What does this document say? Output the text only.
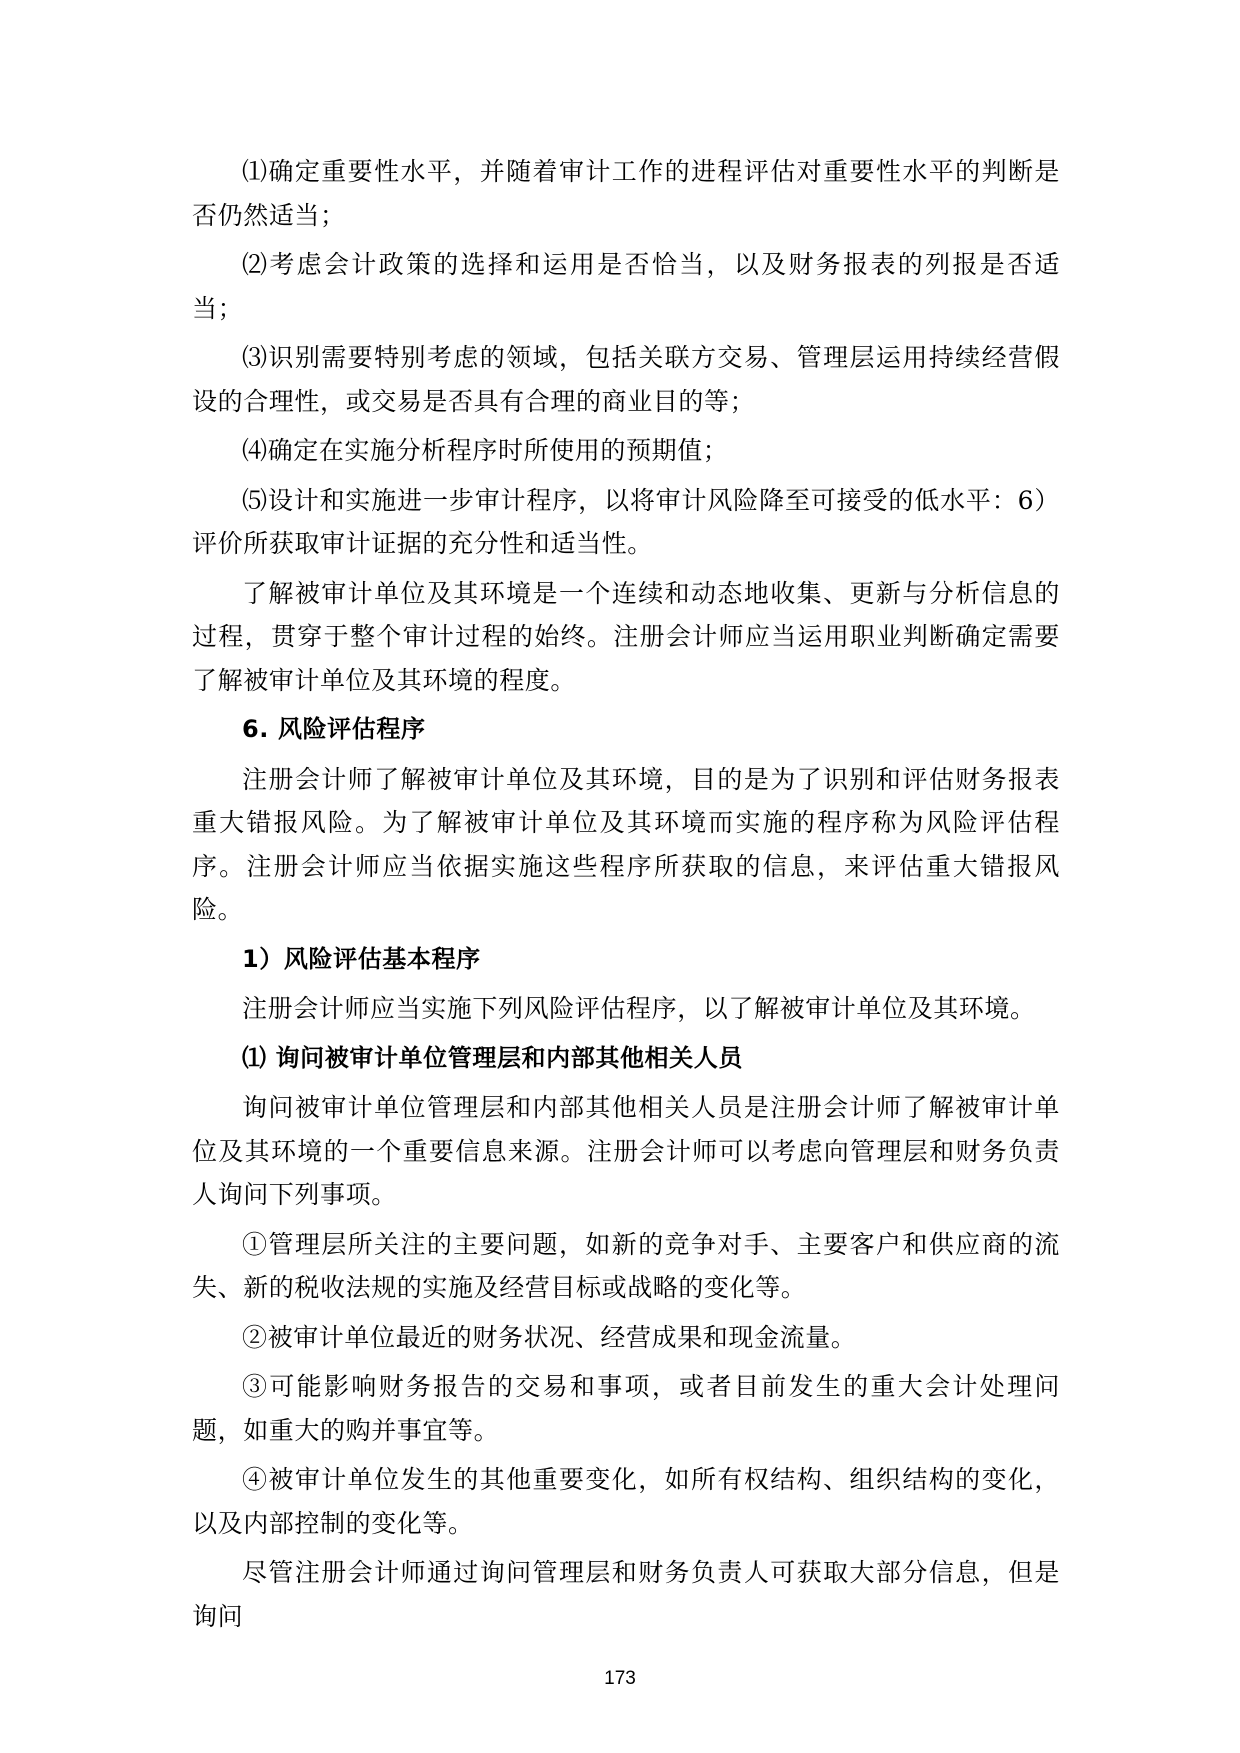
⑴确定重要性水平，并随着审计工作的进程评估对重要性水平的判断是否仍然适当；

⑵考虑会计政策的选择和运用是否恰当，以及财务报表的列报是否适当；

⑶识别需要特别考虑的领域，包括关联方交易、管理层运用持续经营假设的合理性，或交易是否具有合理的商业目的等；

⑷确定在实施分析程序时所使用的预期值；

⑸设计和实施进一步审计程序，以将审计风险降至可接受的低水平：6）评价所获取审计证据的充分性和适当性。

了解被审计单位及其环境是一个连续和动态地收集、更新与分析信息的过程，贯穿于整个审计过程的始终。注册会计师应当运用职业判断确定需要了解被审计单位及其环境的程度。

6. 风险评估程序

注册会计师了解被审计单位及其环境，目的是为了识别和评估财务报表重大错报风险。为了解被审计单位及其环境而实施的程序称为风险评估程序。注册会计师应当依据实施这些程序所获取的信息，来评估重大错报风险。

1）风险评估基本程序

注册会计师应当实施下列风险评估程序，以了解被审计单位及其环境。

⑴ 询问被审计单位管理层和内部其他相关人员

询问被审计单位管理层和内部其他相关人员是注册会计师了解被审计单位及其环境的一个重要信息来源。注册会计师可以考虑向管理层和财务负责人询问下列事项。

①管理层所关注的主要问题，如新的竞争对手、主要客户和供应商的流失、新的税收法规的实施及经营目标或战略的变化等。

②被审计单位最近的财务状况、经营成果和现金流量。

③可能影响财务报告的交易和事项，或者目前发生的重大会计处理问题，如重大的购并事宜等。

④被审计单位发生的其他重要变化，如所有权结构、组织结构的变化，以及内部控制的变化等。

尽管注册会计师通过询问管理层和财务负责人可获取大部分信息，但是询问

173
